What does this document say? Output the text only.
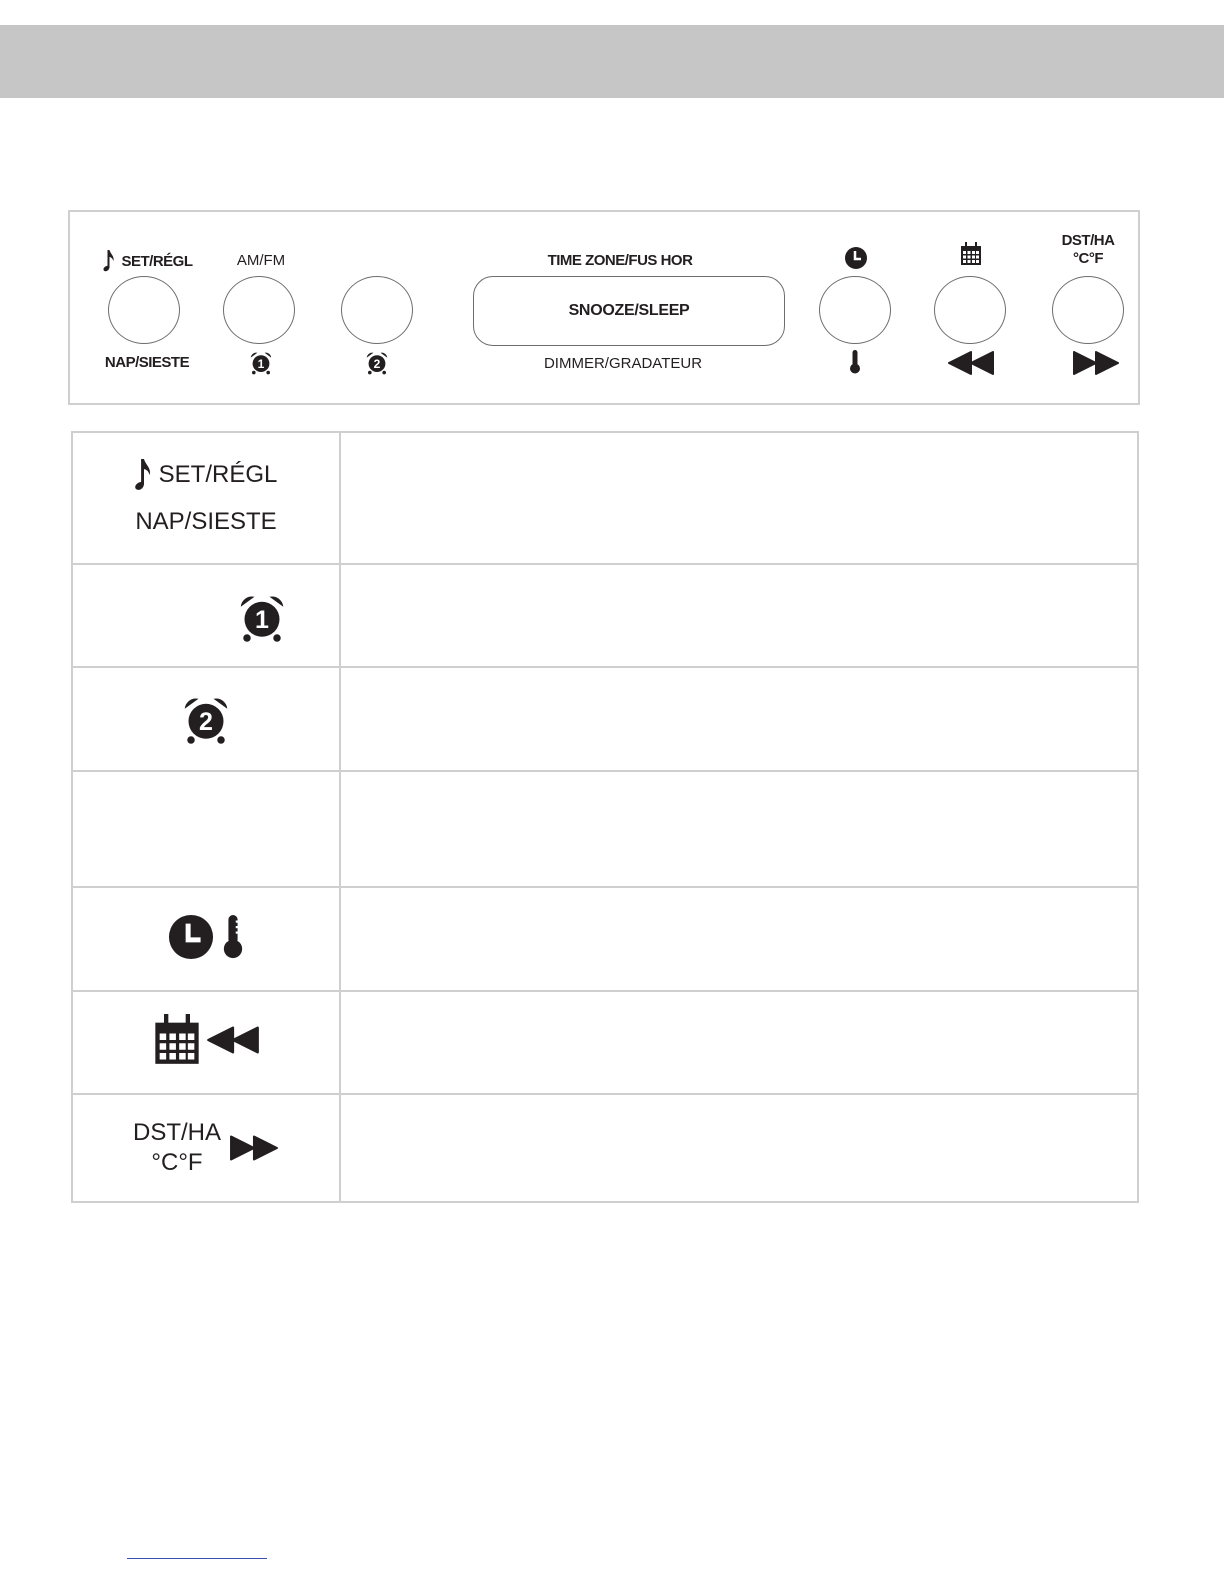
SET/RÉGL	AM/FM	TIME ZONE/FUS HOR
DST/HA
°C°F
SNOOZE/SLEEP
NAP/SIESTE	1	2	DIMMER/GRADATEUR
SET/RÉGL
NAP/SIESTE	

1	

2	

DST/HA
°C°F	
